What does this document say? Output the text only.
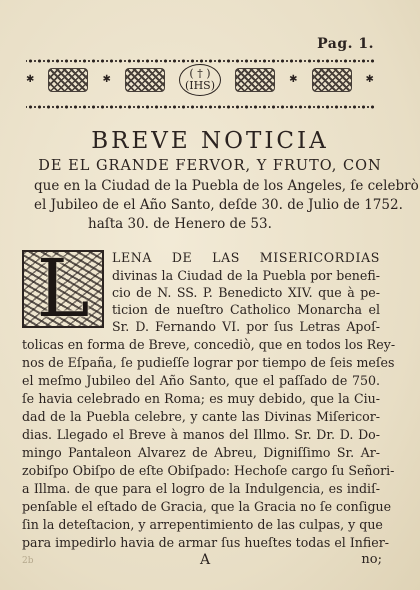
Pag. 1.
✱	✱	( † )
(IHS)	✱	✱
BREVE NOTICIA
DE EL GRANDE FERVOR, Y FRUTO, CON
que en la Ciudad de la Puebla de los Angeles, ſe celebrò
el Jubileo de el Año Santo, deſde 30. de Julio de 1752.
haſta 30. de Henero de 53.
L	LENA DE LAS MISERICORDIAS
divinas la Ciudad de la Puebla por benefi-
cio de N. SS. P. Benedicto XIV. que à pe-
ticion de nueſtro Catholico Monarcha el
Sr. D. Fernando VI. por ſus Letras Apoſ-
tolicas en forma de Breve, concediò, que en todos los Rey-
nos de Eſpaña, ſe pudieſſe lograr por tiempo de ſeis meſes
el meſmo Jubileo del Año Santo, que el paſſado de 750.
ſe havia celebrado en Roma; es muy debido, que la Ciu-
dad de la Puebla celebre, y cante las Divinas Miſericor-
dias. Llegado el Breve à manos del Illmo. Sr. Dr. D. Do-
mingo Pantaleon Alvarez de Abreu, Digniſſimo Sr. Ar-
zobiſpo Obiſpo de eſte Obiſpado: Hechoſe cargo ſu Señori-
a Illma. de que para el logro de la Indulgencia, es indiſ-
penſable el eſtado de Gracia, que la Gracia no ſe conſigue
ſin la deteſtacion, y arrepentimiento de las culpas, y que
para impedirlo havia de armar ſus hueſtes todas el Infier-
2b	A	no;
